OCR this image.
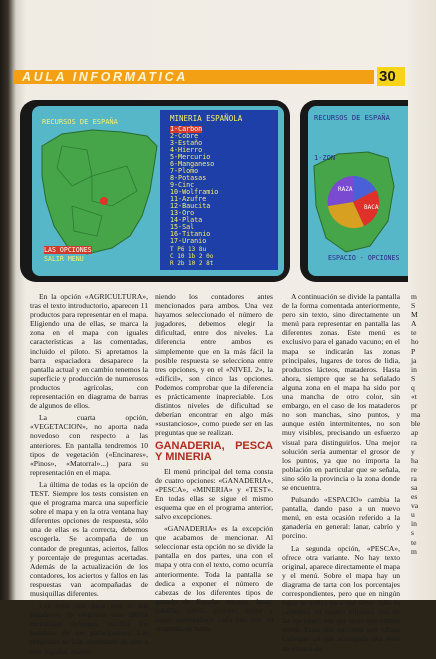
AULA INFORMATICA	30
RECURSOS DE ESPAÑA	MINERIA ESPAÑOLA
1-Carbon
2-Cobre
3-Estaño
4-Hierro
5-Mercurio
6-Manganeso
7-Plomo
8-Potasas
9-Cinc
10-Wolframio
11-Azufre
12-Baucita
13-Oro
14-Plata
15-Sal
16-Titanio
17-Uranio
T P6 13 8u
C 10 1b 2 0o
R 2b 10 2 8t
LAS OPCIONES
SALIR MENU
RECURSOS DE ESPAÑA
1-ZON
RAZA
BACA
ESPACIO - OPCIONES

En la opción «AGRICULTURA», tras el texto introductorio, aparecen 11 productos para representar en el mapa. Eligiendo una de ellas, se marca la zona en el mapa con iguales características a las comentadas, incluido el piloto. Si apretamos la barra espaciadora desaparece la pantalla actual y en cambio tenemos la superficie y producción de numerosos productos agrícolas, con representación en diagrama de barras de algunos de ellos.

La cuarta opción, «VEGETACION», no aporta nada novedoso con respecto a las anteriores. En pantalla tendremos 10 tipos de vegetación («Encinares», «Pinos», «Matorral»...) para su representación en el mapa.

La última de todas es la opción de TEST. Siempre los tests consisten en que el programa marca una superficie sobre el mapa y en la otra ventana hay diferentes opciones de respuesta, sólo una de ellas es la correcta, debemos escogerla. Se acompaña de un contador de preguntas, aciertos, fallos y porcentaje de preguntas acertadas. Además de la actualización de los contadores, los aciertos y fallos en las respuestas van acompañadas de musiquillas diferentes.

Los tests son para uno o dos jugadores. Si elegimos esta última modalidad debemos escribir los nombres de los participantes. Las preguntas se irán alternando de uno a otro jugador, mante-

niendo los contadores antes mencionados para ambos. Una vez hayamos seleccionado el número de jugadores, debemos elegir la dificultad, entre dos niveles. La diferencia entre ambos es simplemente que en la más fácil la posible respuesta se selecciona entre tres opciones, y en el «NIVEL 2», la «difícil», son cinco las opciones. Podemos comprobar que la diferencia es prácticamente inapreciable. Los distintos niveles de dificultad se deberían encontrar en algo más «sustancioso», como puede ser en las preguntas que se realizan.

GANADERIA, PESCA Y MINERIA

El menú principal del tema consta de cuatro opciones: «GANADERIA», «PESCA», «MINERIA» y «TEST». En todas ellas se sigue el mismo esquema que en el programa anterior, salvo excepciones.

«GANADERIA» es la excepción que acabamos de mencionar. Al seleccionar esta opción no se divide la pantalla en dos partes, una con el mapa y otra con el texto, como ocurría anteriormente. Toda la pantalla se dedica a exponer el número de cabezas de los diferentes tipos de ganado de España: vacuno, lanar, caballar, cabrío, porcino, mular y asnal, acompañado cada uno con un diagrama de barra.

A continuación se divide la pantalla de la forma comentada anteriormente, pero sin texto, sino directamente un menú para representar en pantalla las diferentes zonas. Este menú es exclusivo para el ganado vacuno; en el mapa se indicarán las zonas principales, lugares de toros de lidia, productos lácteos, mataderos. Hasta ahora, siempre que se ha señalado alguna zona en el mapa ha sido por una mancha de otro color, sin embargo, en el caso de los mataderos no son manchas, sino puntos, y aunque estén intermitentes, no son muy visibles, precisando un esfuerzo visual para distinguirlos. Una mejor solución sería aumentar el grosor de los puntos, ya que no importa la población en particular que se señala, sino sólo la provincia o la zona donde se encuentra.

Pulsando «ESPACIO» cambia la pantalla, dando paso a un nuevo menú, en esta ocasión referido a la ganadería en general: lanar, cabrío y porcino.

La segunda opción, «PESCA», ofrece otra variante. No hay texto original, aparece directamente el mapa y el menú. Sobre el mapa hay un diagrama de tarta con los porcentajes correspondientes, pero que en ningún lugar se indica para qué sirve. Sólo lo sabremos en cuanto elijamos una de las opciones, nos que tiene este primer menú. Estas dos opciones son «Zona Gallega» (al que acompaña una serie de «frutos de

m
S
M
A
te
ho
P
ja
in
S
q
«t
pr
ma
ble
ap
ra
y
ha
re
ra
sa
es
va
u
in
s
te
m
